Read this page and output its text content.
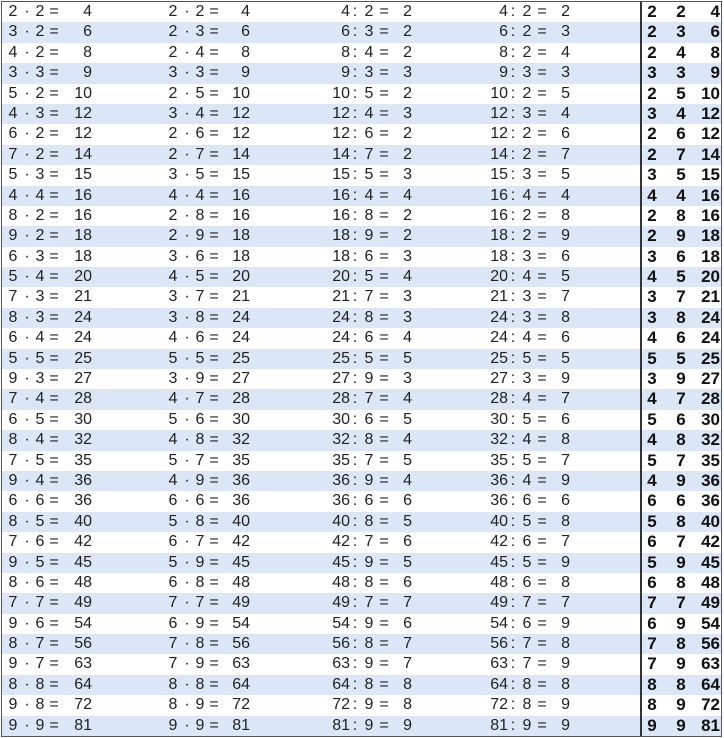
2 · 2 =	4	2 · 2 =	4	4 : 2 = 2	4 : 2 = 2	2 2	4
3 · 2 =	6	2 · 3 =	6	6 : 3 = 2	6 : 2 = 3	2 3	6
4 · 2 =	8	2 · 4 =	8	8 : 4 = 2	8 : 2 = 4	2 4	8
3 · 3 =	9	3 · 3 =	9	9 : 3 = 3	9 : 3 = 3	3 3	9
5 · 2 = 10	2 · 5 = 10	10 : 5 = 2	10 : 2 = 5	2 5 10
4 · 3 = 12	3 · 4 = 12	12 : 4 = 3	12 : 3 = 4	3 4 12
6 · 2 = 12	2 · 6 = 12	12 : 6 = 2	12 : 2 = 6	2 6 12
7 · 2 = 14	2 · 7 = 14	14 : 7 = 2	14 : 2 = 7	2 7 14
5 · 3 = 15	3 · 5 = 15	15 : 5 = 3	15 : 3 = 5	3 5 15
4 · 4 = 16	4 · 4 = 16	16 : 4 = 4	16 : 4 = 4	4 4 16
8 · 2 = 16	2 · 8 = 16	16 : 8 = 2	16 : 2 = 8	2 8 16
9 · 2 = 18	2 · 9 = 18	18 : 9 = 2	18 : 2 = 9	2 9 18
6 · 3 = 18	3 · 6 = 18	18 : 6 = 3	18 : 3 = 6	3 6 18
5 · 4 = 20	4 · 5 = 20	20 : 5 = 4	20 : 4 = 5	4 5 20
7 · 3 = 21	3 · 7 = 21	21 : 7 = 3	21 : 3 = 7	3 7 21
8 · 3 = 24	3 · 8 = 24	24 : 8 = 3	24 : 3 = 8	3 8 24
6 · 4 = 24	4 · 6 = 24	24 : 6 = 4	24 : 4 = 6	4 6 24
5 · 5 = 25	5 · 5 = 25	25 : 5 = 5	25 : 5 = 5	5 5 25
9 · 3 = 27	3 · 9 = 27	27 : 9 = 3	27 : 3 = 9	3 9 27
7 · 4 = 28	4 · 7 = 28	28 : 7 = 4	28 : 4 = 7	4 7 28
6 · 5 = 30	5 · 6 = 30	30 : 6 = 5	30 : 5 = 6	5 6 30
8 · 4 = 32	4 · 8 = 32	32 : 8 = 4	32 : 4 = 8	4 8 32
7 · 5 = 35	5 · 7 = 35	35 : 7 = 5	35 : 5 = 7	5 7 35
9 · 4 = 36	4 · 9 = 36	36 : 9 = 4	36 : 4 = 9	4 9 36
6 · 6 = 36	6 · 6 = 36	36 : 6 = 6	36 : 6 = 6	6 6 36
8 · 5 = 40	5 · 8 = 40	40 : 8 = 5	40 : 5 = 8	5 8 40
7 · 6 = 42	6 · 7 = 42	42 : 7 = 6	42 : 6 = 7	6 7 42
9 · 5 = 45	5 · 9 = 45	45 : 9 = 5	45 : 5 = 9	5 9 45
8 · 6 = 48	6 · 8 = 48	48 : 8 = 6	48 : 6 = 8	6 8 48
7 · 7 = 49	7 · 7 = 49	49 : 7 = 7	49 : 7 = 7	7 7 49
9 · 6 = 54	6 · 9 = 54	54 : 9 = 6	54 : 6 = 9	6 9 54
8 · 7 = 56	7 · 8 = 56	56 : 8 = 7	56 : 7 = 8	7 8 56
9 · 7 = 63	7 · 9 = 63	63 : 9 = 7	63 : 7 = 9	7 9 63
8 · 8 = 64	8 · 8 = 64	64 : 8 = 8	64 : 8 = 8	8 8 64
9 · 8 = 72	8 · 9 = 72	72 : 9 = 8	72 : 8 = 9	8 9 72
9 · 9 = 81	9 · 9 = 81	81 : 9 = 9	81 : 9 = 9	9 9 81
